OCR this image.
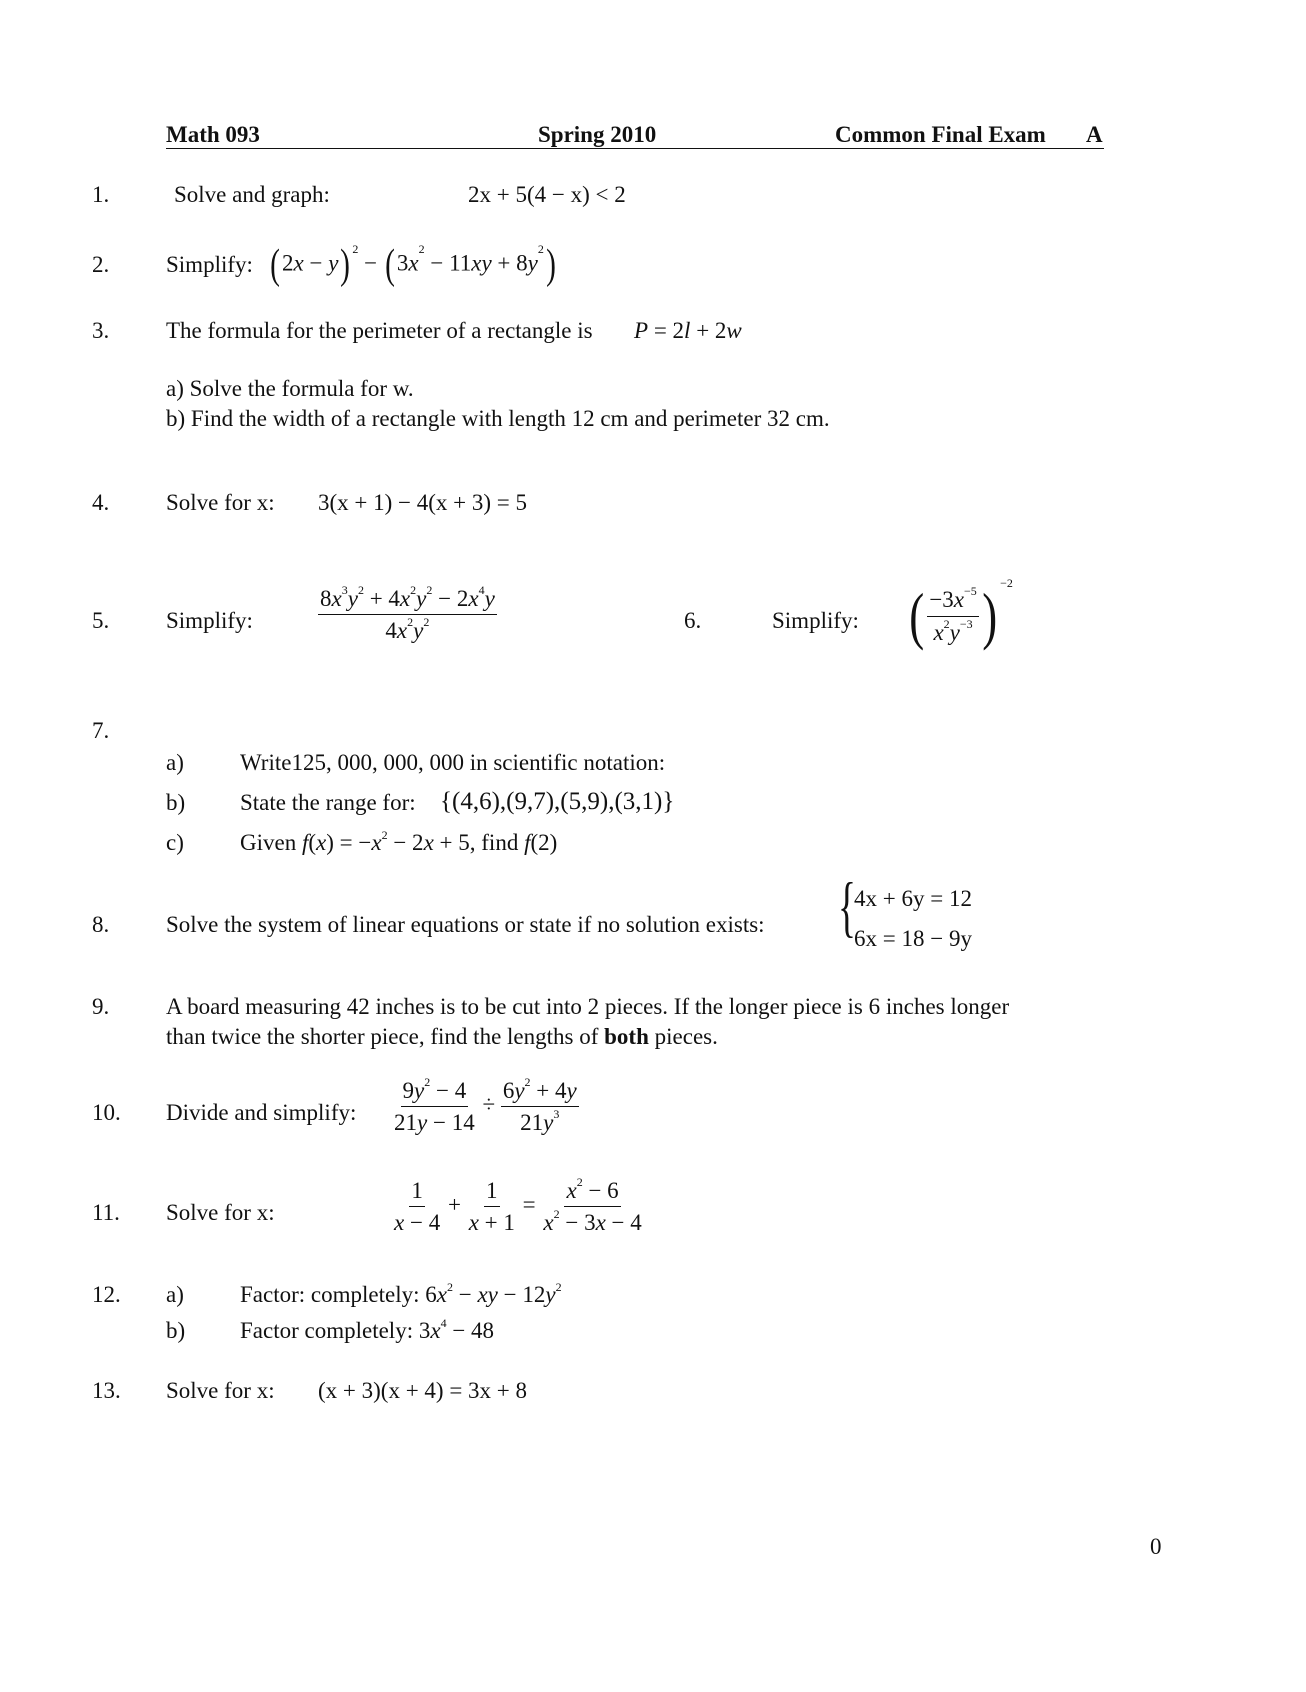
Math 093	Spring 2010	Common Final Exam A
1.	Solve and graph:	2x + 5(4 − x) < 2
2. Simplify: (2x − y) $^2 - (3x^2 - 11xy + 8y^2)$
3. The formula for the perimeter of a rectangle is P = 2l + 2w
a) Solve the formula for w.
b) Find the width of a rectangle with length 12 cm and perimeter 32 cm.
4. Solve for x: 3(x + 1) − 4(x + 3) = 5
5. Simplify:	$\frac{8x^3y^2 + 4x^2y^2 - 2x^4y}{4x^2y^2}$	6.	Simplify: ( $\frac{-3x^{-5}}{x^2y^{-3}}$ ) $^{-2}$
7.
a) Write125, 000, 000, 000 in scientific notation:
b) State the range for: {(4,6),(9,7),(5,9),(3,1)}
c) Given $f(x) = -x^2 - 2x + 5$, find f(2)
8. Solve the system of linear equations or state if no solution exists: {
4x + 6y = 12
6x = 18 − 9y
9. A board measuring 42 inches is to be cut into 2 pieces. If the longer piece is 6 inches longer
than twice the shorter piece, find the lengths of both pieces.
10. Divide and simplify: $\frac{9y^2 - 4}{21y - 14} \div \frac{6y^2 + 4y}{21y^3}$
11. Solve for x:	$\frac{1}{x - 4} + \frac{1}{x + 1} = \frac{x^2 - 6}{x^2 - 3x - 4}$
12. a) Factor: completely: $6x^2$ − xy − $12y^2$
b) Factor completely: $3x^4 - 48$
13. Solve for x: (x + 3)(x + 4) = 3x + 8
0
